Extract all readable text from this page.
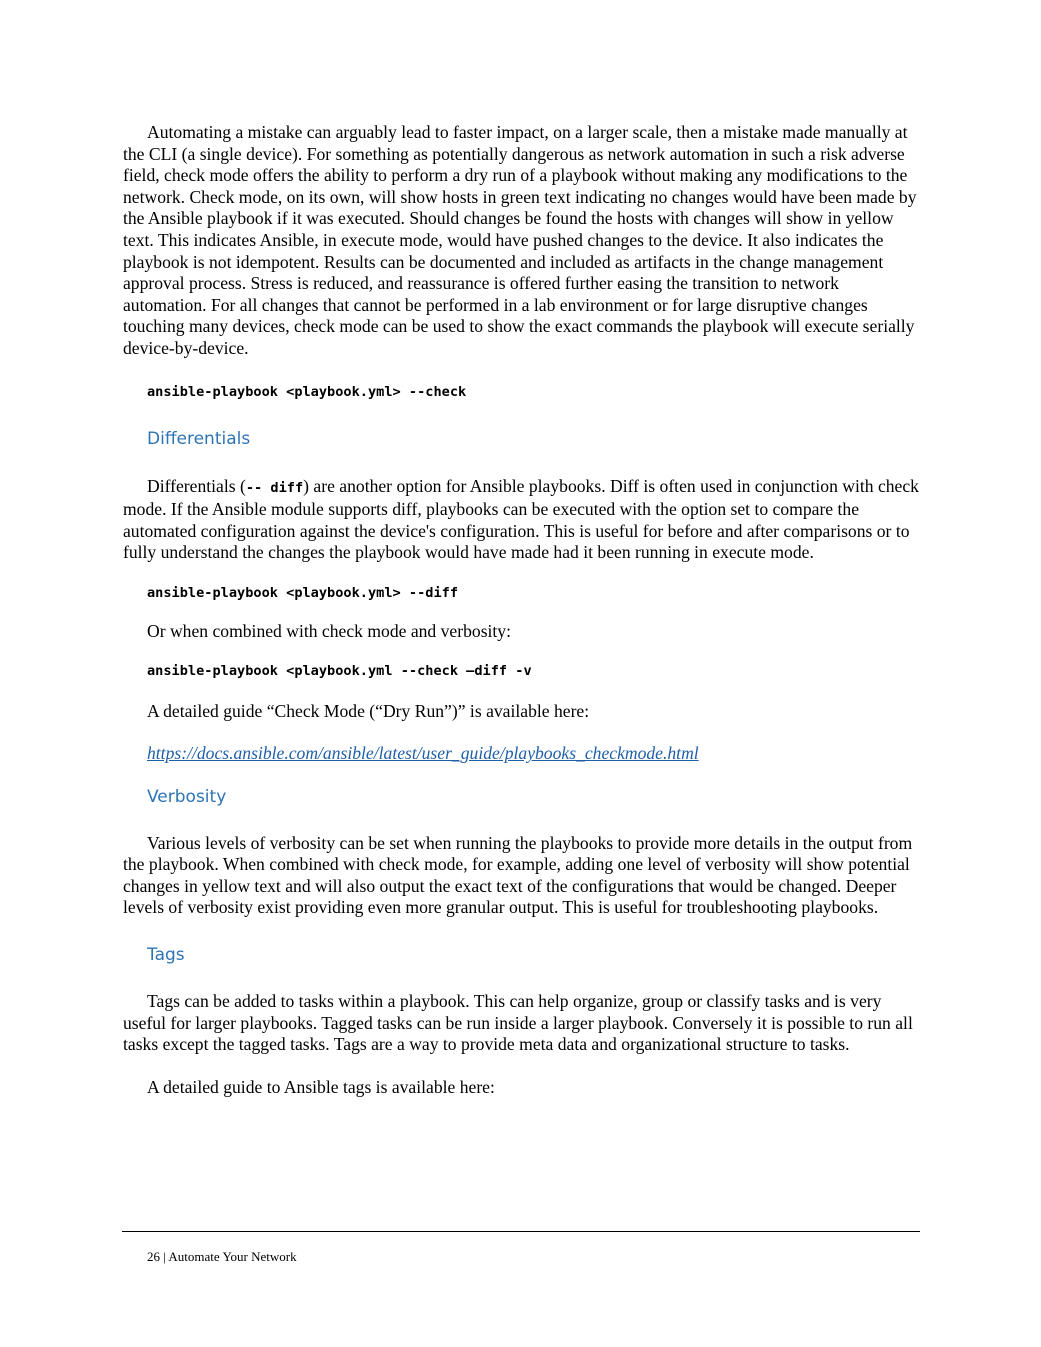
Automating a mistake can arguably lead to faster impact, on a larger scale, then a mistake made manually at the CLI (a single device). For something as potentially dangerous as network automation in such a risk adverse field, check mode offers the ability to perform a dry run of a playbook without making any modifications to the network. Check mode, on its own, will show hosts in green text indicating no changes would have been made by the Ansible playbook if it was executed. Should changes be found the hosts with changes will show in yellow text. This indicates Ansible, in execute mode, would have pushed changes to the device. It also indicates the playbook is not idempotent. Results can be documented and included as artifacts in the change management approval process. Stress is reduced, and reassurance is offered further easing the transition to network automation. For all changes that cannot be performed in a lab environment or for large disruptive changes touching many devices, check mode can be used to show the exact commands the playbook will execute serially device-by-device.

ansible-playbook <playbook.yml> --check
Differentials

Differentials (-- diff) are another option for Ansible playbooks. Diff is often used in conjunction with check mode. If the Ansible module supports diff, playbooks can be executed with the option set to compare the automated configuration against the device's configuration. This is useful for before and after comparisons or to fully understand the changes the playbook would have made had it been running in execute mode.

ansible-playbook <playbook.yml> --diff

Or when combined with check mode and verbosity:

ansible-playbook <playbook.yml --check –diff -v

A detailed guide “Check Mode (“Dry Run”)” is available here:

https://docs.ansible.com/ansible/latest/user_guide/playbooks_checkmode.html

Verbosity

Various levels of verbosity can be set when running the playbooks to provide more details in the output from the playbook. When combined with check mode, for example, adding one level of verbosity will show potential changes in yellow text and will also output the exact text of the configurations that would be changed. Deeper levels of verbosity exist providing even more granular output. This is useful for troubleshooting playbooks.

Tags

Tags can be added to tasks within a playbook. This can help organize, group or classify tasks and is very useful for larger playbooks. Tagged tasks can be run inside a larger playbook. Conversely it is possible to run all tasks except the tagged tasks. Tags are a way to provide meta data and organizational structure to tasks.

A detailed guide to Ansible tags is available here:

26 | Automate Your Network
